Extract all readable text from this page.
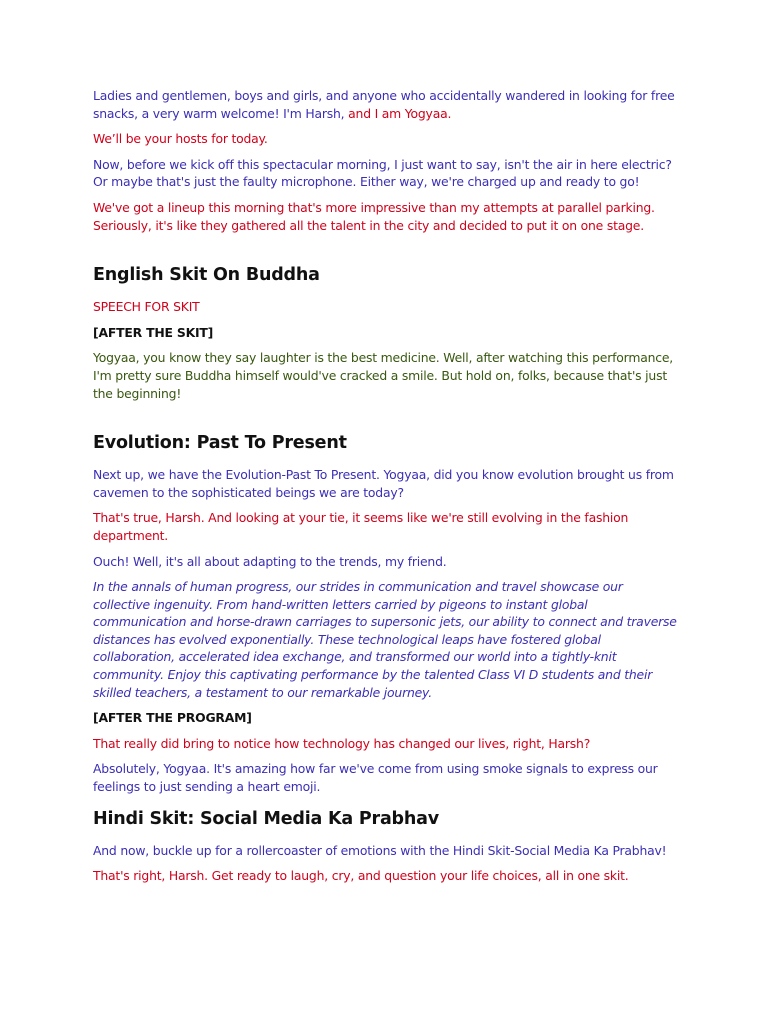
Ladies and gentlemen, boys and girls, and anyone who accidentally wandered in looking for free snacks, a very warm welcome! I'm Harsh, and I am Yogyaa.

We’ll be your hosts for today.

Now, before we kick off this spectacular morning, I just want to say, isn't the air in here electric? Or maybe that's just the faulty microphone. Either way, we're charged up and ready to go!

We've got a lineup this morning that's more impressive than my attempts at parallel parking. Seriously, it's like they gathered all the talent in the city and decided to put it on one stage.

English Skit On Buddha

SPEECH FOR SKIT

[AFTER THE SKIT]

Yogyaa, you know they say laughter is the best medicine. Well, after watching this performance, I'm pretty sure Buddha himself would've cracked a smile. But hold on, folks, because that's just the beginning!

Evolution: Past To Present

Next up, we have the Evolution-Past To Present. Yogyaa, did you know evolution brought us from cavemen to the sophisticated beings we are today?

That's true, Harsh. And looking at your tie, it seems like we're still evolving in the fashion department.

Ouch! Well, it's all about adapting to the trends, my friend.

In the annals of human progress, our strides in communication and travel showcase our collective ingenuity. From hand-written letters carried by pigeons to instant global communication and horse-drawn carriages to supersonic jets, our ability to connect and traverse distances has evolved exponentially. These technological leaps have fostered global collaboration, accelerated idea exchange, and transformed our world into a tightly-knit community. Enjoy this captivating performance by the talented Class VI D students and their skilled teachers, a testament to our remarkable journey.

[AFTER THE PROGRAM]

That really did bring to notice how technology has changed our lives, right, Harsh?

Absolutely, Yogyaa. It's amazing how far we've come from using smoke signals to express our feelings to just sending a heart emoji.

Hindi Skit: Social Media Ka Prabhav

And now, buckle up for a rollercoaster of emotions with the Hindi Skit-Social Media Ka Prabhav!

That's right, Harsh. Get ready to laugh, cry, and question your life choices, all in one skit.
